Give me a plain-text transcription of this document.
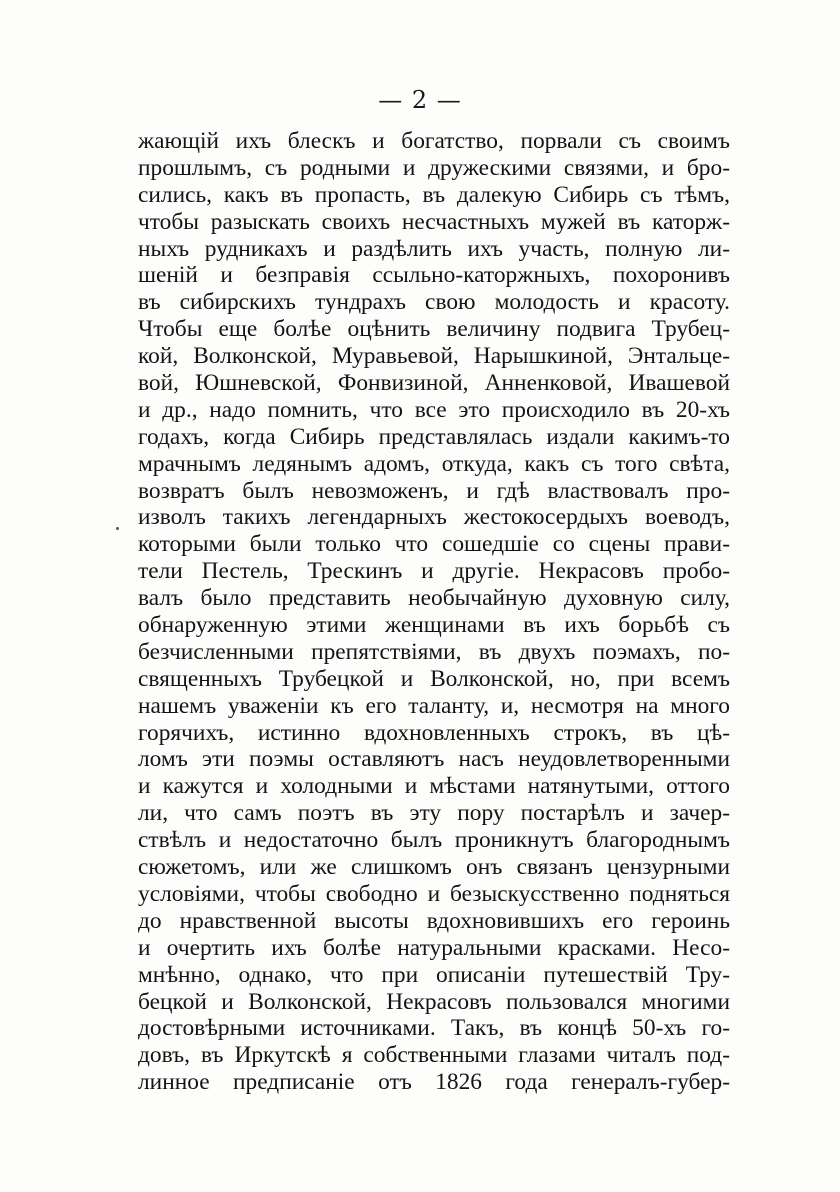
— 2 —
жающій ихъ блескъ и богатство, порвали съ своимъ
прошлымъ, съ родными и дружескими связями, и бро-
сились, какъ въ пропасть, въ далекую Сибирь съ тѣмъ,
чтобы разыскать своихъ несчастныхъ мужей въ каторж-
ныхъ рудникахъ и раздѣлить ихъ участь, полную ли-
шеній и безправія ссыльно-каторжныхъ, похоронивъ
въ сибирскихъ тундрахъ свою молодость и красоту.
Чтобы еще болѣе оцѣнить величину подвига Трубец-
кой, Волконской, Муравьевой, Нарышкиной, Энтальцe-
вой, Юшневской, Фонвизиной, Анненковой, Ивашевой
и др., надо помнить, что все это происходило въ 20-хъ
годахъ, когда Сибирь представлялась издали какимъ-то
мрачнымъ ледянымъ адомъ, откуда, какъ съ того свѣта,
возвратъ былъ невозможенъ, и гдѣ властвовалъ про-
изволъ такихъ легендарныхъ жестокосердыхъ воеводъ,
которыми были только что сошедшіе со сцены прави-
тели Пестель, Трескинъ и другіе. Некрасовъ пробо-
валъ было представить необычайную духовную силу,
обнаруженную этими женщинами въ ихъ борьбѣ съ
безчисленными препятствіями, въ двухъ поэмахъ, по-
священныхъ Трубецкой и Волконской, но, при всемъ
нашемъ уваженіи къ его таланту, и, несмотря на много
горячихъ, истинно вдохновленныхъ строкъ, въ цѣ-
ломъ эти поэмы оставляютъ насъ неудовлетворенными
и кажутся и холодными и мѣстами натянутыми, оттого
ли, что самъ поэтъ въ эту пору постарѣлъ и зачер-
ствѣлъ и недостаточно былъ проникнутъ благороднымъ
сюжетомъ, или же слишкомъ онъ связанъ цензурными
условіями, чтобы свободно и безыскусственно подняться
до нравственной высоты вдохновившихъ его героинь
и очертить ихъ болѣе натуральными красками. Несо-
мнѣнно, однако, что при описаніи путешествій Тру-
бецкой и Волконской, Некрасовъ пользовался многими
достовѣрными источниками. Такъ, въ концѣ 50-хъ го-
довъ, въ Иркутскѣ я собственными глазами читалъ под-
линное предписаніе отъ 1826 года генералъ-губер-
